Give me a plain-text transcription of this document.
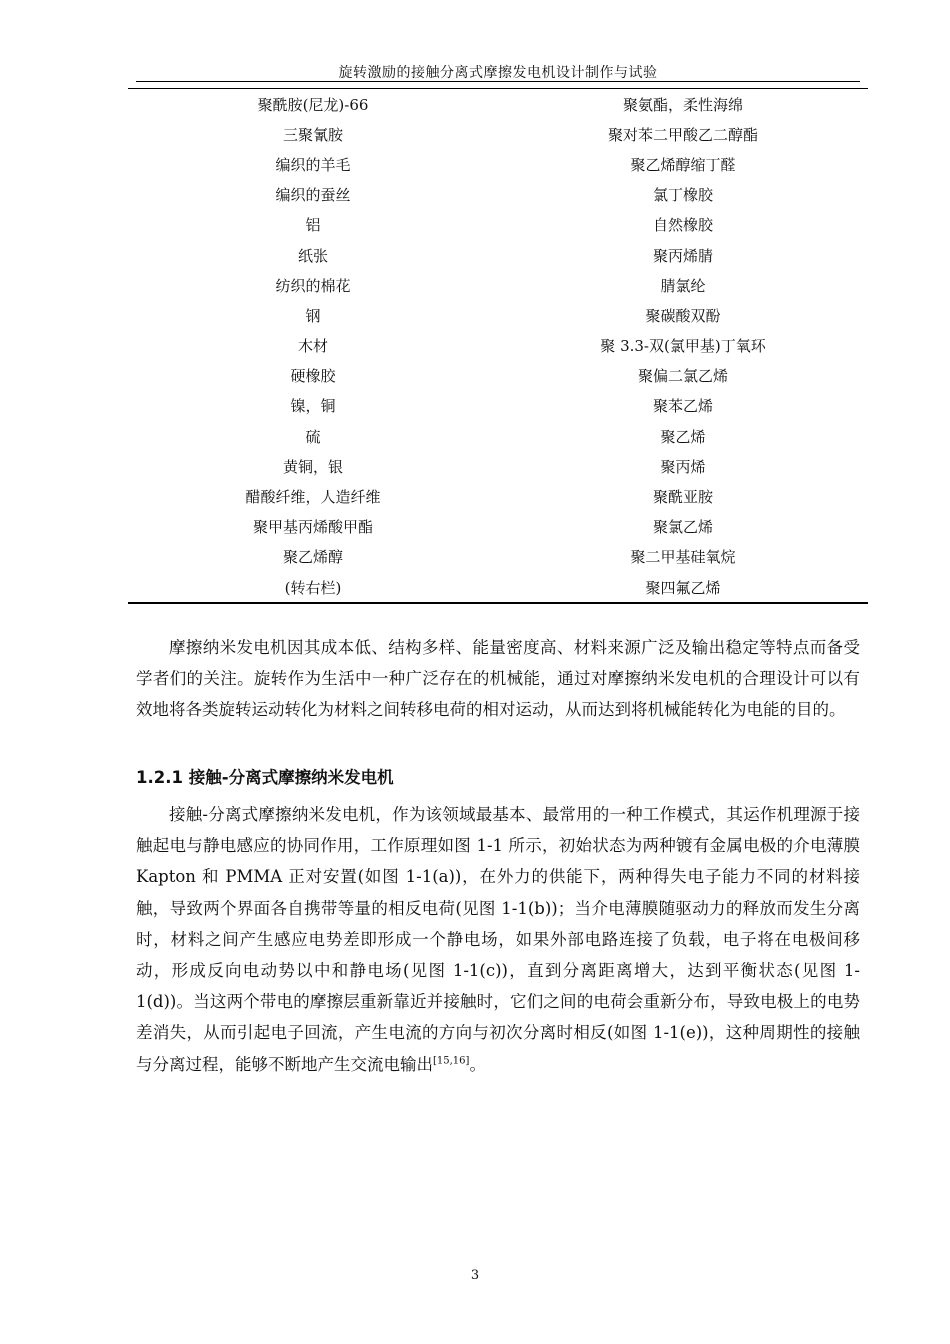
旋转激励的接触分离式摩擦发电机设计制作与试验
聚酰胺(尼龙)-66	聚氨酯，柔性海绵
三聚氰胺	聚对苯二甲酸乙二醇酯
编织的羊毛	聚乙烯醇缩丁醛
编织的蚕丝	氯丁橡胶
铝	自然橡胶
纸张	聚丙烯腈
纺织的棉花	腈氯纶
钢	聚碳酸双酚
木材	聚 3.3-双(氯甲基)丁氧环
硬橡胶	聚偏二氯乙烯
镍，铜	聚苯乙烯
硫	聚乙烯
黄铜，银	聚丙烯
醋酸纤维，人造纤维	聚酰亚胺
聚甲基丙烯酸甲酯	聚氯乙烯
聚乙烯醇	聚二甲基硅氧烷
(转右栏)	聚四氟乙烯

摩擦纳米发电机因其成本低、结构多样、能量密度高、材料来源广泛及输出稳定等特点而备受学者们的关注。旋转作为生活中一种广泛存在的机械能，通过对摩擦纳米发电机的合理设计可以有效地将各类旋转运动转化为材料之间转移电荷的相对运动，从而达到将机械能转化为电能的目的。

1.2.1 接触-分离式摩擦纳米发电机

接触-分离式摩擦纳米发电机，作为该领域最基本、最常用的一种工作模式，其运作机理源于接触起电与静电感应的协同作用，工作原理如图 1-1 所示，初始状态为两种镀有金属电极的介电薄膜 Kapton 和 PMMA 正对安置(如图 1-1(a))，在外力的供能下，两种得失电子能力不同的材料接触，导致两个界面各自携带等量的相反电荷(见图 1-1(b))；当介电薄膜随驱动力的释放而发生分离时，材料之间产生感应电势差即形成一个静电场，如果外部电路连接了负载，电子将在电极间移动，形成反向电动势以中和静电场(见图 1-1(c))，直到分离距离增大，达到平衡状态(见图 1-1(d))。当这两个带电的摩擦层重新靠近并接触时，它们之间的电荷会重新分布，导致电极上的电势差消失，从而引起电子回流，产生电流的方向与初次分离时相反(如图 1-1(e))，这种周期性的接触与分离过程，能够不断地产生交流电输出[15,16]。

3
